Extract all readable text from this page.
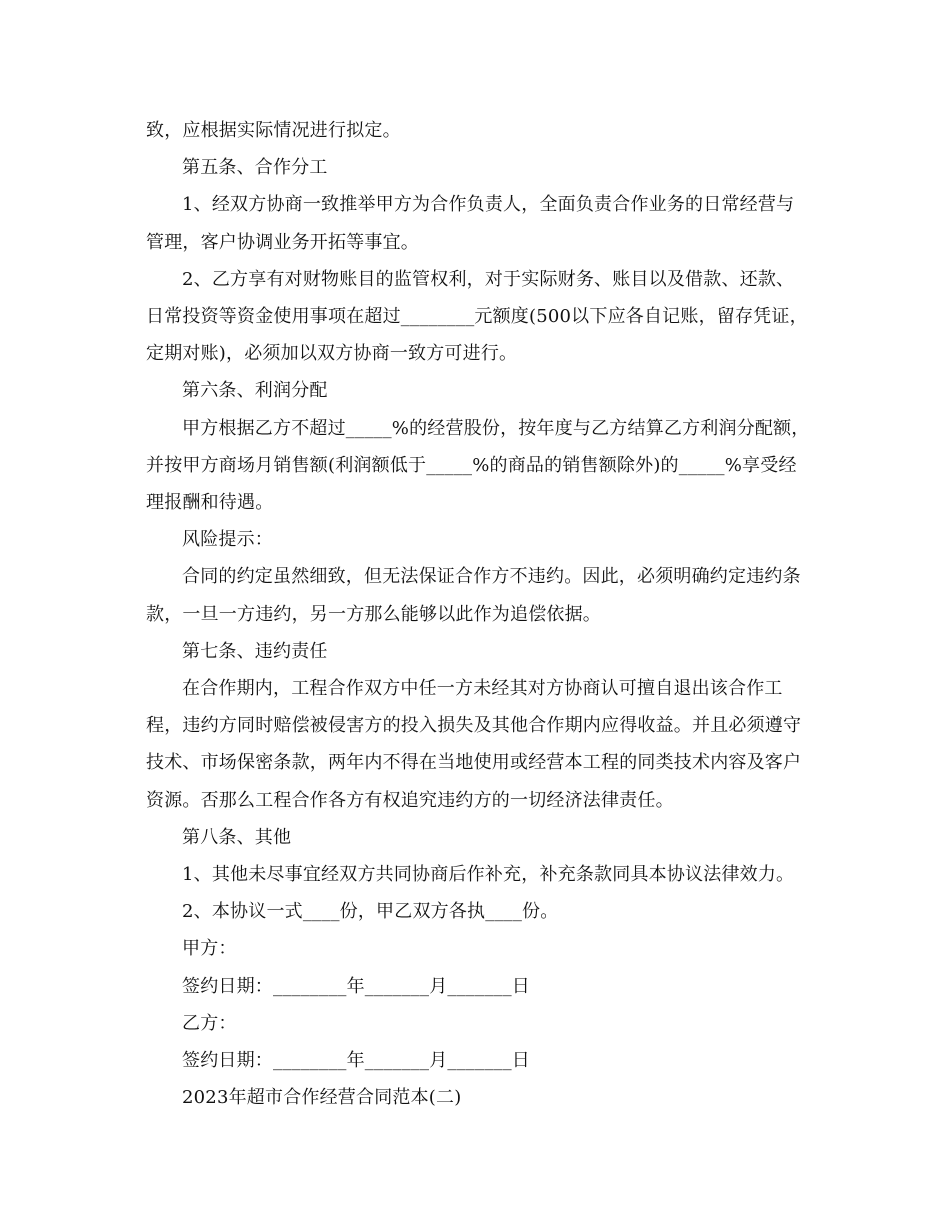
致，应根据实际情况进行拟定。

第五条、合作分工

1、经双方协商一致推举甲方为合作负责人，全面负责合作业务的日常经营与管理，客户协调业务开拓等事宜。

2、乙方享有对财物账目的监管权利，对于实际财务、账目以及借款、还款、日常投资等资金使用事项在超过________元额度(500以下应各自记账，留存凭证，定期对账)，必须加以双方协商一致方可进行。

第六条、利润分配

甲方根据乙方不超过_____%的经营股份，按年度与乙方结算乙方利润分配额，并按甲方商场月销售额(利润额低于_____%的商品的销售额除外)的_____%享受经理报酬和待遇。

风险提示：

合同的约定虽然细致，但无法保证合作方不违约。因此，必须明确约定违约条款，一旦一方违约，另一方那么能够以此作为追偿依据。

第七条、违约责任

在合作期内，工程合作双方中任一方未经其对方协商认可擅自退出该合作工程，违约方同时赔偿被侵害方的投入损失及其他合作期内应得收益。并且必须遵守技术、市场保密条款，两年内不得在当地使用或经营本工程的同类技术内容及客户资源。否那么工程合作各方有权追究违约方的一切经济法律责任。

第八条、其他

1、其他未尽事宜经双方共同协商后作补充，补充条款同具本协议法律效力。

2、本协议一式____份，甲乙双方各执____份。

甲方：

签约日期：________年_______月_______日

乙方：

签约日期：________年_______月_______日

2023年超市合作经营合同范本(二)
